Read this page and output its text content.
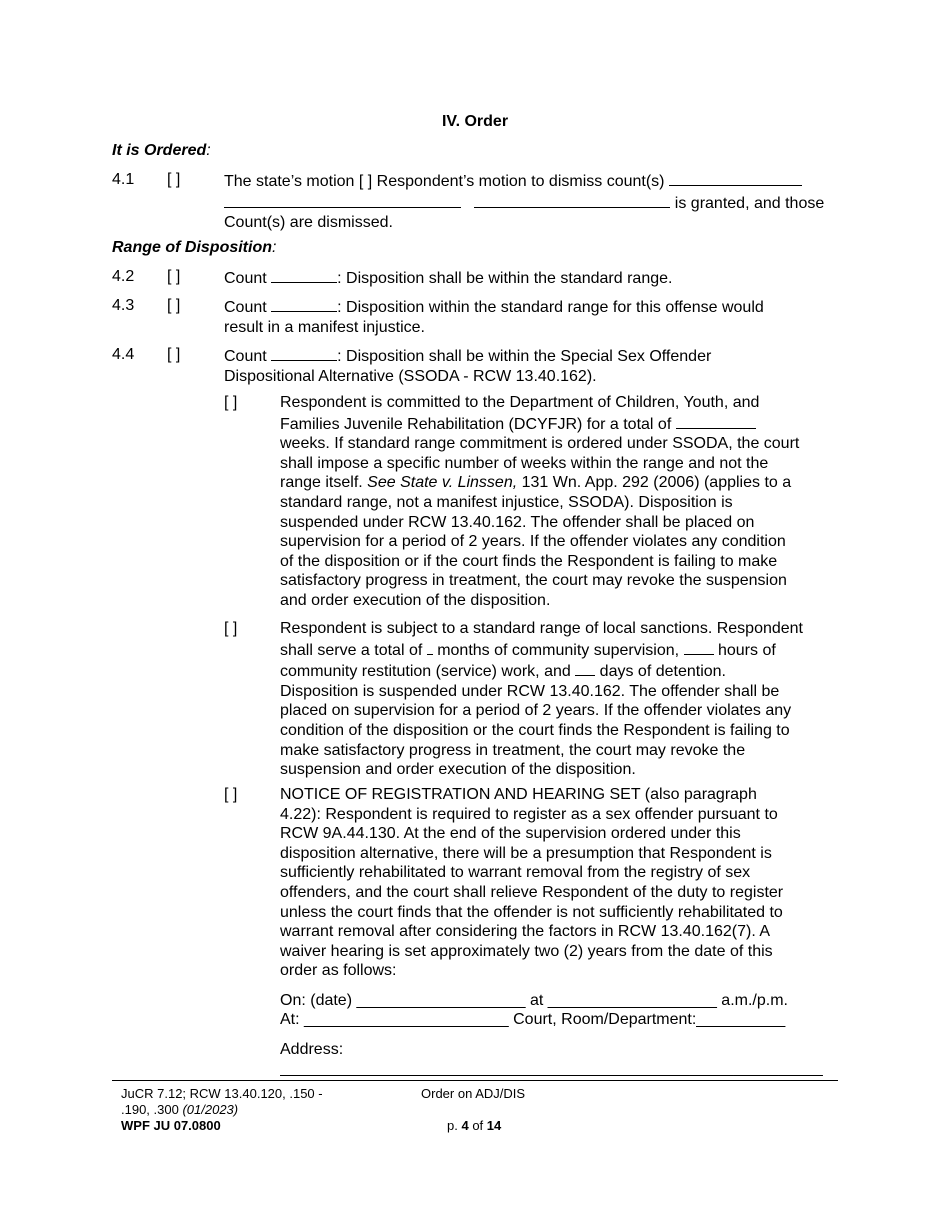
IV. Order
It is Ordered:
4.1 [ ]	The state’s motion [ ] Respondent’s motion to dismiss count(s)
is granted, and those
Count(s) are dismissed.
Range of Disposition:
4.2 [ ]	Count	: Disposition shall be within the standard range.
4.3 [ ]	Count	: Disposition within the standard range for this offense would
result in a manifest injustice.
4.4 [ ]	Count	: Disposition shall be within the Special Sex Offender
Dispositional Alternative (SSODA - RCW 13.40.162).
[ ]	Respondent is committed to the Department of Children, Youth, and
Families Juvenile Rehabilitation (DCYFJR) for a total of
weeks. If standard range commitment is ordered under SSODA, the court
shall impose a specific number of weeks within the range and not the
range itself. See State v. Linssen, 131 Wn. App. 292 (2006) (applies to a
standard range, not a manifest injustice, SSODA). Disposition is
suspended under RCW 13.40.162. The offender shall be placed on
supervision for a period of 2 years. If the offender violates any condition
of the disposition or if the court finds the Respondent is failing to make
satisfactory progress in treatment, the court may revoke the suspension
and order execution of the disposition.
[ ]	Respondent is subject to a standard range of local sanctions. Respondent
shall serve a total of months of community supervision, hours of
community restitution (service) work, and days of detention.
Disposition is suspended under RCW 13.40.162. The offender shall be
placed on supervision for a period of 2 years. If the offender violates any
condition of the disposition or the court finds the Respondent is failing to
make satisfactory progress in treatment, the court may revoke the
suspension and order execution of the disposition.
[ ]	NOTICE OF REGISTRATION AND HEARING SET (also paragraph
4.22): Respondent is required to register as a sex offender pursuant to
RCW 9A.44.130. At the end of the supervision ordered under this
disposition alternative, there will be a presumption that Respondent is
sufficiently rehabilitated to warrant removal from the registry of sex
offenders, and the court shall relieve Respondent of the duty to register
unless the court finds that the offender is not sufficiently rehabilitated to
warrant removal after considering the factors in RCW 13.40.162(7). A
waiver hearing is set approximately two (2) years from the date of this
order as follows:
On: (date) ___________________ at ___________________ a.m./p.m.
At: _______________________ Court, Room/Department:__________
Address:
_____________________________________________________________
JuCR 7.12; RCW 13.40.120, .150 -
.190, .300 (01/2023)
WPF JU 07.0800
Order on ADJ/DIS
p. 4 of 14
